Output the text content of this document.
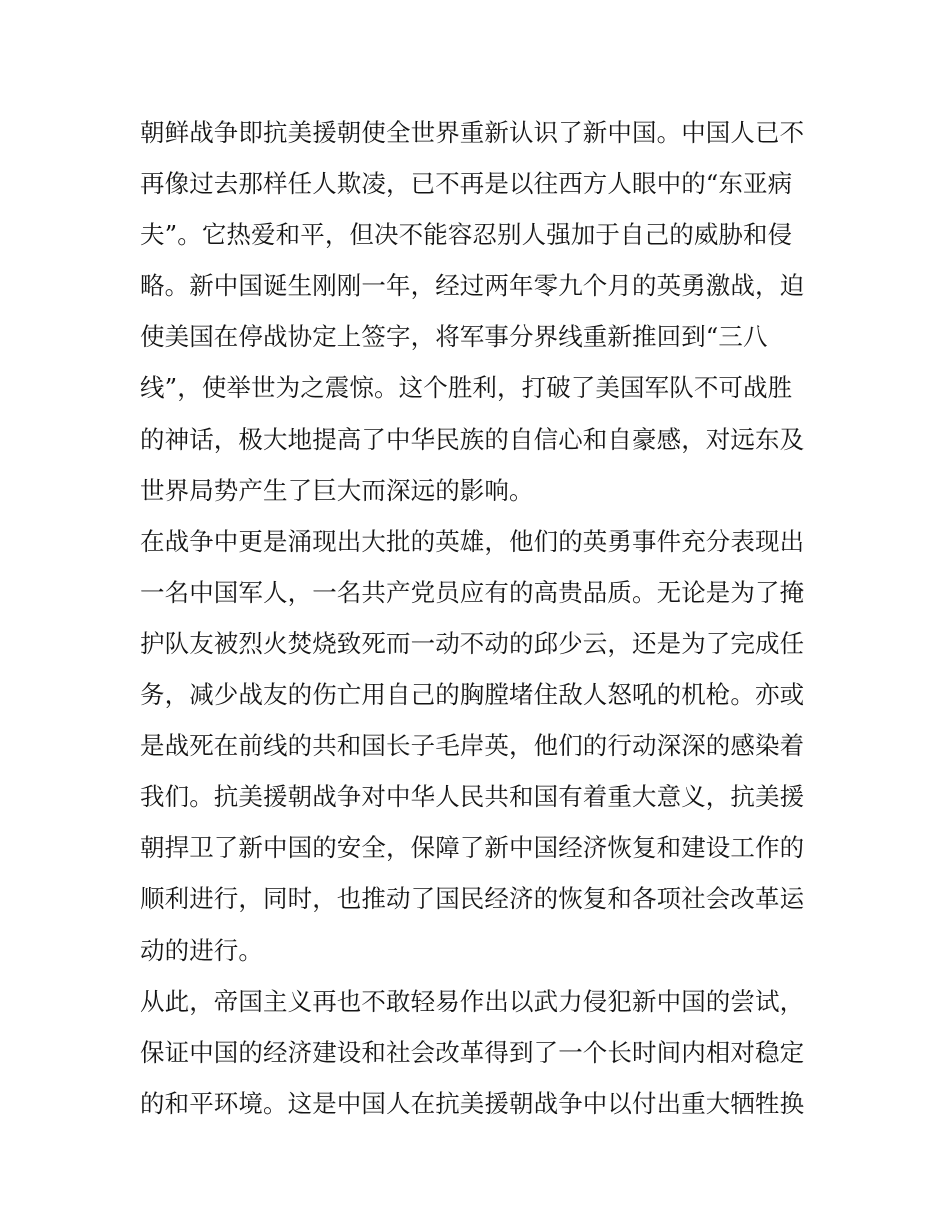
朝鲜战争即抗美援朝使全世界重新认识了新中国。中国人已不
再像过去那样任人欺凌，已不再是以往西方人眼中的“东亚病
夫”。它热爱和平，但决不能容忍别人强加于自己的威胁和侵
略。新中国诞生刚刚一年，经过两年零九个月的英勇激战，迫
使美国在停战协定上签字，将军事分界线重新推回到“三八
线”，使举世为之震惊。这个胜利，打破了美国军队不可战胜
的神话，极大地提高了中华民族的自信心和自豪感，对远东及
世界局势产生了巨大而深远的影响。
在战争中更是涌现出大批的英雄，他们的英勇事件充分表现出
一名中国军人，一名共产党员应有的高贵品质。无论是为了掩
护队友被烈火焚烧致死而一动不动的邱少云，还是为了完成任
务，减少战友的伤亡用自己的胸膛堵住敌人怒吼的机枪。亦或
是战死在前线的共和国长子毛岸英，他们的行动深深的感染着
我们。抗美援朝战争对中华人民共和国有着重大意义，抗美援
朝捍卫了新中国的安全，保障了新中国经济恢复和建设工作的
顺利进行，同时，也推动了国民经济的恢复和各项社会改革运
动的进行。
从此，帝国主义再也不敢轻易作出以武力侵犯新中国的尝试，
保证中国的经济建设和社会改革得到了一个长时间内相对稳定
的和平环境。这是中国人在抗美援朝战争中以付出重大牺牲换
